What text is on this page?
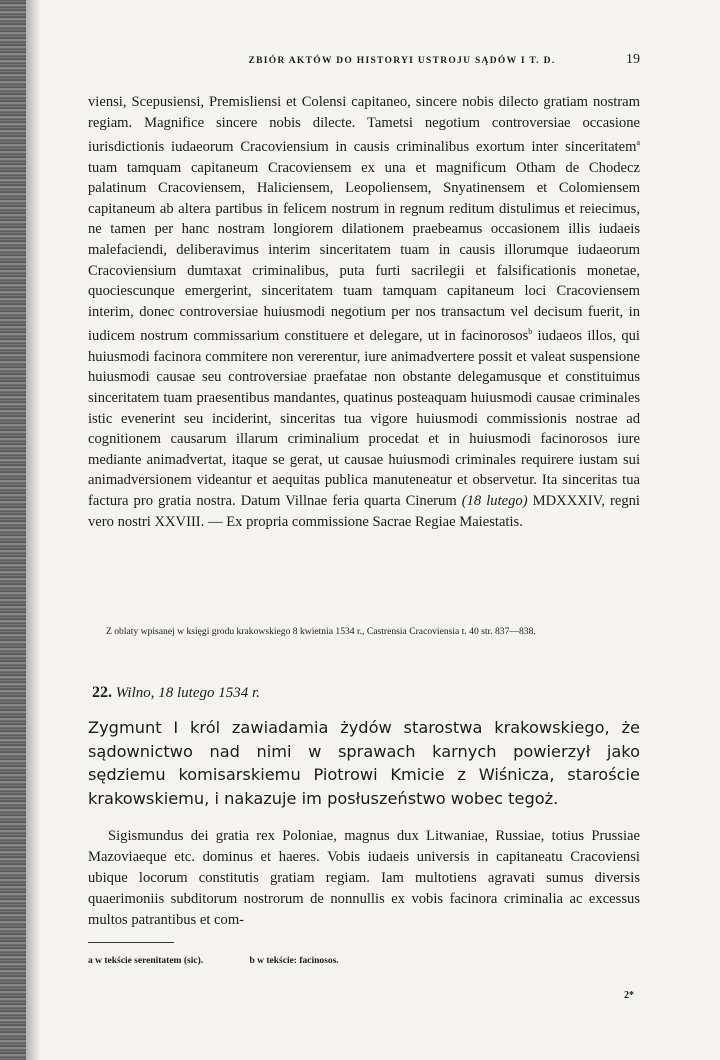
ZBIÓR AKTÓW DO HISTORYI USTROJU SĄDÓW I T. D.	19
viensi, Scepusiensi, Premisliensi et Colensi capitaneo, sincere nobis dilecto gratiam nostram regiam. Magnifice sincere nobis dilecte. Tametsi negotium controversiae occasione iurisdictionis iudaeorum Cracoviensium in causis criminalibus exortum inter sinceritatem$^a$ tuam tamquam capitaneum Cracoviensem ex una et magnificum Otham de Chodecz palatinum Cracoviensem, Haliciensem, Leopoliensem, Snyatinensem et Colomiensem capitaneum ab altera partibus in felicem nostrum in regnum reditum distulimus et reiecimus, ne tamen per hanc nostram longiorem dilationem praebeamus occasionem illis iudaeis malefaciendi, deliberavimus interim sinceritatem tuam in causis illorumque iudaeorum Cracoviensium dumtaxat criminalibus, puta furti sacrilegii et falsificationis monetae, quociescunque emergerint, sinceritatem tuam tamquam capitaneum loci Cracoviensem interim, donec controversiae huiusmodi negotium per nos transactum vel decisum fuerit, in iudicem nostrum commissarium constituere et delegare, ut in facinorosos$^b$ iudaeos illos, qui huiusmodi facinora commitere non vererentur, iure animadvertere possit et valeat suspensione huiusmodi causae seu controversiae praefatae non obstante delegamusque et constituimus sinceritatem tuam praesentibus mandantes, quatinus posteaquam huiusmodi causae criminales istic evenerint seu inciderint, sinceritas tua vigore huiusmodi commissionis nostrae ad cognitionem causarum illarum criminalium procedat et in huiusmodi facinorosos iure mediante animadvertat, itaque se gerat, ut causae huiusmodi criminales requirere iustam sui animadversionem videantur et aequitas publica manuteneatur et observetur. Ita sinceritas tua factura pro gratia nostra. Datum Villnae feria quarta Cinerum (18 lutego) MDXXXIV, regni vero nostri XXVIII. — Ex propria commissione Sacrae Regiae Maiestatis.
Z oblaty wpisanej w księgi grodu krakowskiego 8 kwietnia 1534 r., Castrensia Cracoviensia t. 40 str. 837—838.
22. Wilno, 18 lutego 1534 r.

Zygmunt I król zawiadamia żydów starostwa krakowskiego, że sądownictwo nad nimi w sprawach karnych powierzył jako sędziemu komisarskiemu Piotrowi Kmicie z Wiśnicza, staroście krakowskiemu, i nakazuje im posłuszeństwo wobec tegoż.

Sigismundus dei gratia rex Poloniae, magnus dux Litwaniae, Russiae, totius Prussiae Mazoviaeque etc. dominus et haeres. Vobis iudaeis universis in capitaneatu Cracoviensi ubique locorum constitutis gratiam regiam. Iam multotiens agravati sumus diversis quaerimoniis subditorum nostrorum de nonnullis ex vobis facinora criminalia ac excessus multos patrantibus et com-

a w tekście serenitatem (sic).	b w tekście: facinosos.
2*
